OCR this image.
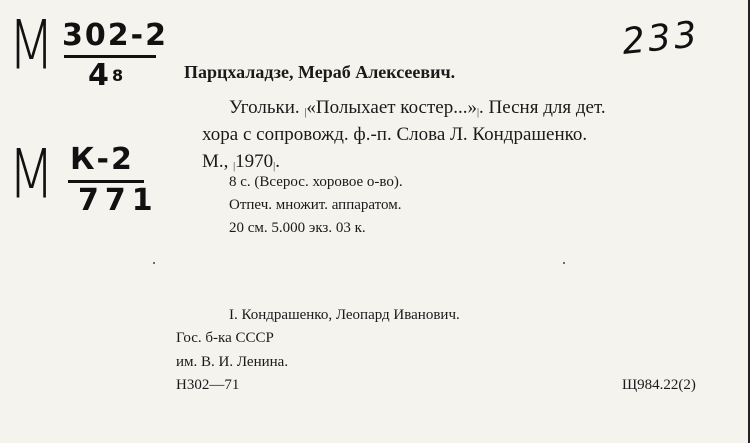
М 302-2
4 8
М К-2
771
233
Парцхаладзе, Мераб Алексеевич.
Угольки. $_|$«Полыхает $костер...»_|$. Песня для дет.
хора с сопровожд. ф.-п. Слова Л. Кондрашенко.
М., $_|1970_|$.
8 с. (Всерос. хоровое о-во).
Отпеч. множит. аппаратом.
20 см. 5.000 экз. 03 к.
I. Кондрашенко, Леопард Иванович.
Гос. б-ка СССР
им. В. И. Ленина.
Н302—71	Щ984.22(2)
